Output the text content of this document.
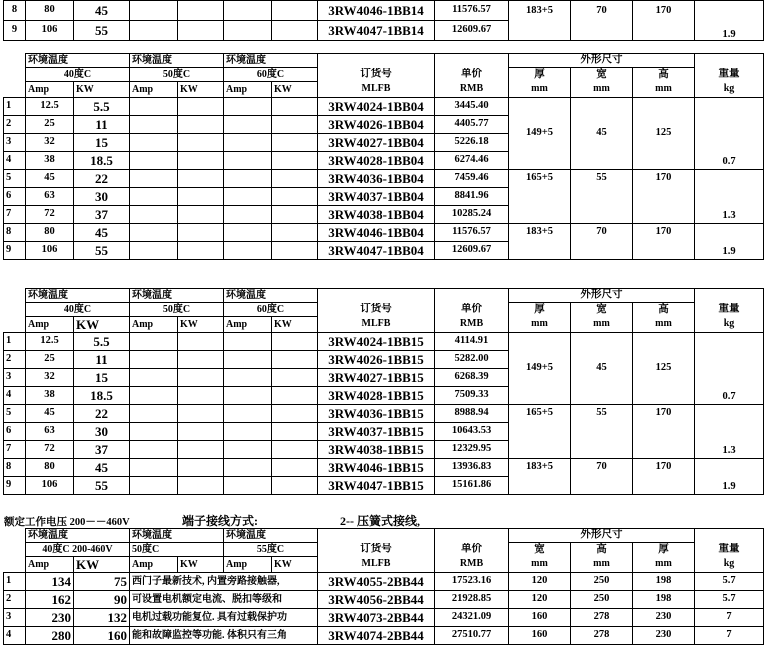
8	80	45					3RW4046-1BB14	11576.57	183+5	70	170	
9	106	55					3RW4047-1BB14	12609.67				1.9
	环境温度		环境温度		环境温度				外形尺寸			
	40度C		50度C		60度C		订货号	单价	厚	宽	高	重量
	Amp	KW	Amp	KW	Amp	KW	MLFB	RMB	mm	mm	mm	kg
1	12.5	5.5					3RW4024-1BB04	3445.40	149+5	45	125	0.7
2	25	11					3RW4026-1BB04	4405.77				
3	32	15					3RW4027-1BB04	5226.18				
4	38	18.5					3RW4028-1BB04	6274.46				
5	45	22					3RW4036-1BB04	7459.46	165+5	55	170	1.3
6	63	30					3RW4037-1BB04	8841.96				
7	72	37					3RW4038-1BB04	10285.24				
8	80	45					3RW4046-1BB04	11576.57	183+5	70	170	1.9
9	106	55					3RW4047-1BB04	12609.67				
	环境温度		环境温度		环境温度				外形尺寸			
	40度C		50度C		60度C		订货号	单价	厚	宽	高	重量
	Amp	KW	Amp	KW	Amp	KW	MLFB	RMB	mm	mm	mm	kg
1	12.5	5.5					3RW4024-1BB15	4114.91	149+5	45	125	0.7
2	25	11					3RW4026-1BB15	5282.00				
3	32	15					3RW4027-1BB15	6268.39				
4	38	18.5					3RW4028-1BB15	7509.33				
5	45	22					3RW4036-1BB15	8988.94	165+5	55	170	1.3
6	63	30					3RW4037-1BB15	10643.53				
7	72	37					3RW4038-1BB15	12329.95				
8	80	45					3RW4046-1BB15	13936.83	183+5	70	170	1.9
9	106	55					3RW4047-1BB15	15161.86				
额定工作电压 200－－460V	端子接线方式:	2-- 压簧式接线,
	环境温度		环境温度		环境温度				外形尺寸			
	40度C 200-460V		50度C		55度C		订货号	单价	宽	高	厚	重量
	Amp	KW	Amp	KW	Amp	KW	MLFB	RMB	mm	mm	mm	kg
1	134	75	西门子最新技术, 内置旁路接触器,				3RW4055-2BB44	17523.16	120	250	198	5.7
2	162	90	可设置电机额定电流、脱扣等级和				3RW4056-2BB44	21928.85	120	250	198	5.7
3	230	132	电机过载功能复位. 具有过载保护功				3RW4073-2BB44	24321.09	160	278	230	7
4	280	160	能和故障监控等功能. 体积只有三角				3RW4074-2BB44	27510.77	160	278	230	7
